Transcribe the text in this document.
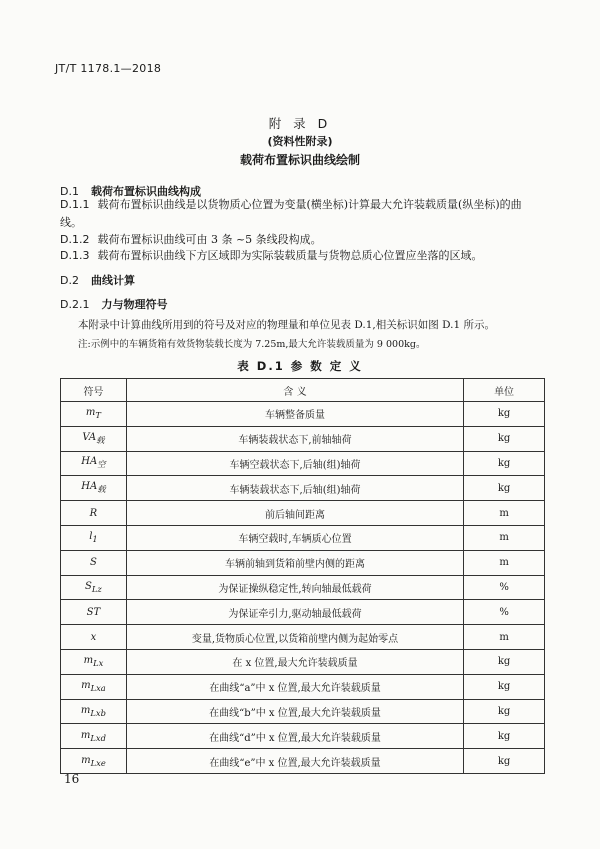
JT/T 1178.1—2018
附 录 D
(资料性附录)
载荷布置标识曲线绘制
D.1 载荷布置标识曲线构成
D.1.1 载荷布置标识曲线是以货物质心位置为变量(横坐标)计算最大允许装载质量(纵坐标)的曲线。
D.1.2 载荷布置标识曲线可由 3 条 ~5 条线段构成。
D.1.3 载荷布置标识曲线下方区域即为实际装载质量与货物总质心位置应坐落的区域。
D.2 曲线计算
D.2.1 力与物理符号
本附录中计算曲线所用到的符号及对应的物理量和单位见表 D.1,相关标识如图 D.1 所示。
注:示例中的车辆货箱有效货物装载长度为 7.25m,最大允许装载质量为 9 000kg。
表 D.1 参 数 定 义
符号	含 义	单位
$m_T$	车辆整备质量	kg
$VA_载$	车辆装载状态下,前轴轴荷	kg
$HA_空$	车辆空载状态下,后轴(组)轴荷	kg
$HA_载$	车辆装载状态下,后轴(组)轴荷	kg
R	前后轴间距离	m
$l_1$	车辆空载时,车辆质心位置	m
S	车辆前轴到货箱前壁内侧的距离	m
$S_{Lz}$	为保证操纵稳定性,转向轴最低载荷	%
ST	为保证牵引力,驱动轴最低载荷	%
x	变量,货物质心位置,以货箱前壁内侧为起始零点	m
$m_{Lx}$	在 x 位置,最大允许装载质量	kg
$m_{Lxa}$	在曲线“a”中 x 位置,最大允许装载质量	kg
$m_{Lxb}$	在曲线“b”中 x 位置,最大允许装载质量	kg
$m_{Lxd}$	在曲线“d”中 x 位置,最大允许装载质量	kg
$m_{Lxe}$	在曲线“e”中 x 位置,最大允许装载质量	kg
16
